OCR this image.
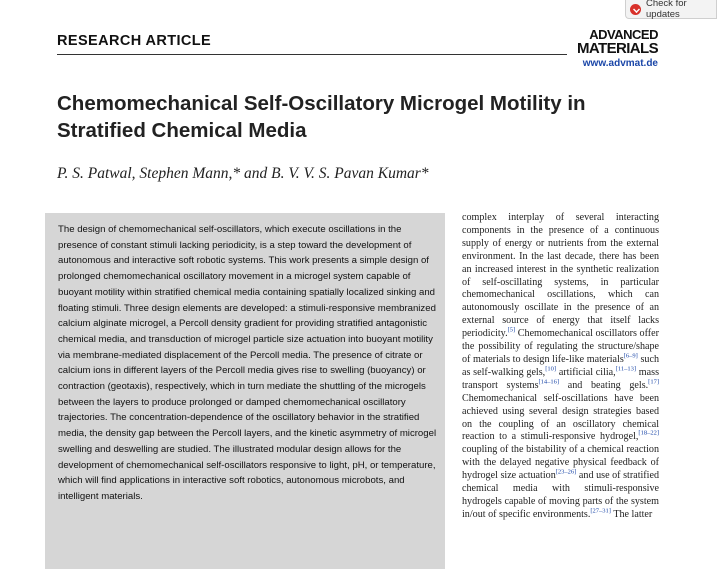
Check for updates
RESEARCH ARTICLE	ADVANCED
MATERIALS
www.advmat.de
Chemomechanical Self-Oscillatory Microgel Motility in Stratified Chemical Media
P. S. Patwal, Stephen Mann,* and B. V. V. S. Pavan Kumar*

The design of chemomechanical self-oscillators, which execute oscillations in the presence of constant stimuli lacking periodicity, is a step toward the development of autonomous and interactive soft robotic systems. This work presents a simple design of prolonged chemomechanical oscillatory movement in a microgel system capable of buoyant motility within stratified chemical media containing spatially localized sinking and floating stimuli. Three design elements are developed: a stimuli-responsive membranized calcium alginate microgel, a Percoll density gradient for providing stratified antagonistic chemical media, and transduction of microgel particle size actuation into buoyant motility via membrane-mediated displacement of the Percoll media. The presence of citrate or calcium ions in different layers of the Percoll media gives rise to swelling (buoyancy) or contraction (geotaxis), respectively, which in turn mediate the shuttling of the microgels between the layers to produce prolonged or damped chemomechanical oscillatory trajectories. The concentration-dependence of the oscillatory behavior in the stratified media, the density gap between the Percoll layers, and the kinetic asymmetry of microgel swelling and deswelling are studied. The illustrated modular design allows for the development of chemomechanical self-oscillators responsive to light, pH, or temperature, which will find applications in interactive soft robotics, autonomous microbots, and intelligent materials.

complex interplay of several interacting components in the presence of a continuous supply of energy or nutrients from the external environment. In the last decade, there has been an increased interest in the synthetic realization of self-oscillating systems, in particular chemomechanical oscillations, which can autonomously oscillate in the presence of an external source of energy that itself lacks periodicity.[5] Chemomechanical oscillators offer the possibility of regulating the structure/shape of materials to design life-like materials[6–9] such as self-walking gels,[10] artificial cilia,[11–13] mass transport systems[14–16] and beating gels.[17] Chemomechanical self-oscillations have been achieved using several design strategies based on the coupling of an oscillatory chemical reaction to a stimuli-responsive hydrogel,[18–22] coupling of the bistability of a chemical reaction with the delayed negative physical feedback of hydrogel size actuation[23–26] and use of stratified chemical media with stimuli-responsive hydrogels capable of moving parts of the system in/out of specific environments.[27–31] The latter
